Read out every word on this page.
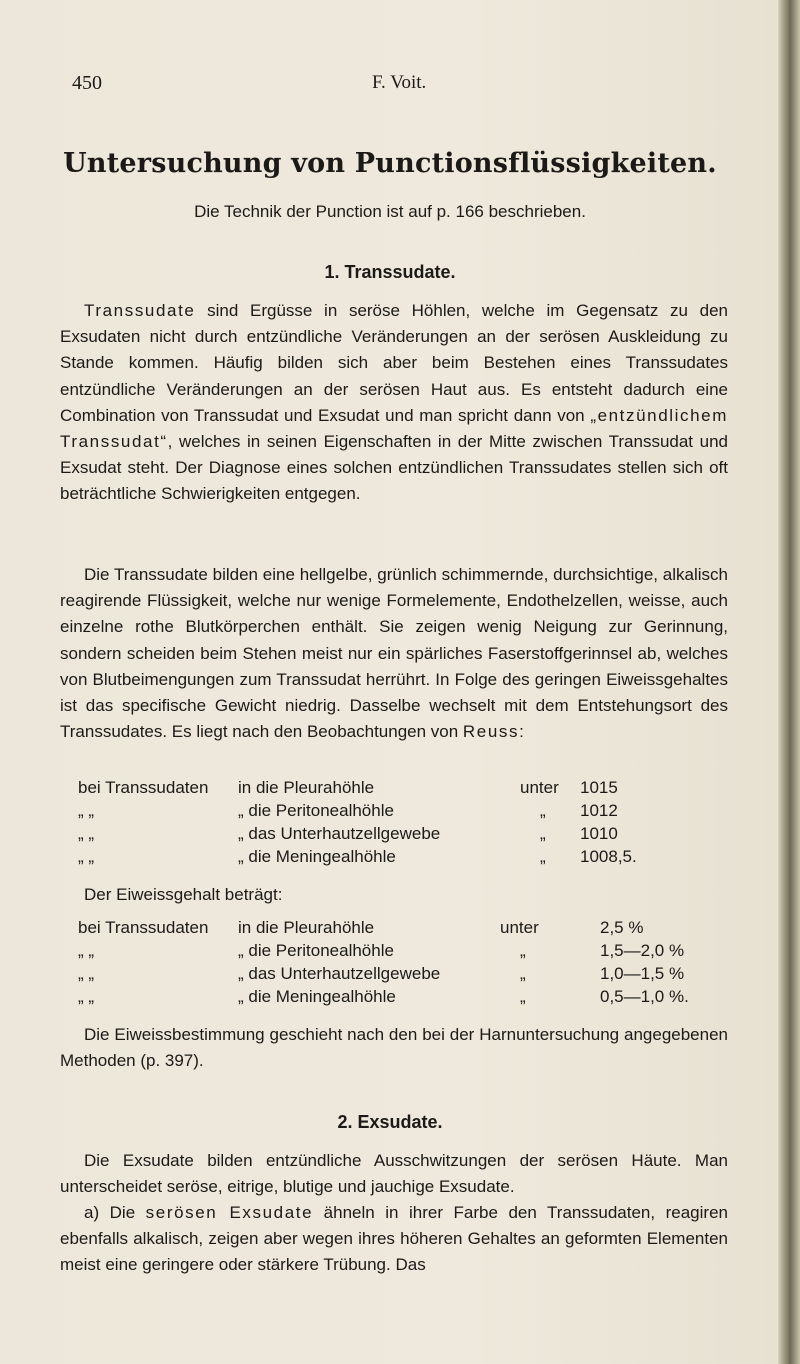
450	F. Voit.
Untersuchung von Punctionsflüssigkeiten.
Die Technik der Punction ist auf p. 166 beschrieben.
1. Transsudate.
Transsudate sind Ergüsse in seröse Höhlen, welche im Gegensatz zu den Exsudaten nicht durch entzündliche Veränderungen an der serösen Auskleidung zu Stande kommen. Häufig bilden sich aber beim Bestehen eines Transsudates entzündliche Veränderungen an der serösen Haut aus. Es entsteht dadurch eine Combination von Transsudat und Exsudat und man spricht dann von „entzündlichem Transsudat“, welches in seinen Eigenschaften in der Mitte zwischen Transsudat und Exsudat steht. Der Diagnose eines solchen entzündlichen Transsudates stellen sich oft beträchtliche Schwierigkeiten entgegen.
Die Transsudate bilden eine hellgelbe, grünlich schimmernde, durchsichtige, alkalisch reagirende Flüssigkeit, welche nur wenige Formelemente, Endothelzellen, weisse, auch einzelne rothe Blutkörperchen enthält. Sie zeigen wenig Neigung zur Gerinnung, sondern scheiden beim Stehen meist nur ein spärliches Faserstoffgerinnsel ab, welches von Blutbeimengungen zum Transsudat herrührt. In Folge des geringen Eiweissgehaltes ist das specifische Gewicht niedrig. Dasselbe wechselt mit dem Entstehungsort des Transsudates. Es liegt nach den Beobachtungen von Reuss:
bei Transsudaten in die Pleurahöhle	unter 1015
„ „	„ die Peritonealhöhle	„ 1012
„ „	„ das Unterhautzellgewebe	„ 1010
„ „	„ die Meningealhöhle	„ 1008,5.
Der Eiweissgehalt beträgt:
bei Transsudaten in die Pleurahöhle	unter	2,5 %
„ „	„ die Peritonealhöhle	„	1,5—2,0 %
„ „	„ das Unterhautzellgewebe	„	1,0—1,5 %
„ „	„ die Meningealhöhle	„	0,5—1,0 %.
Die Eiweissbestimmung geschieht nach den bei der Harnuntersuchung angegebenen Methoden (p. 397).
2. Exsudate.
Die Exsudate bilden entzündliche Ausschwitzungen der serösen Häute. Man unterscheidet seröse, eitrige, blutige und jauchige Exsudate.
a) Die serösen Exsudate ähneln in ihrer Farbe den Transsudaten, reagiren ebenfalls alkalisch, zeigen aber wegen ihres höheren Gehaltes an geformten Elementen meist eine geringere oder stärkere Trübung. Das
